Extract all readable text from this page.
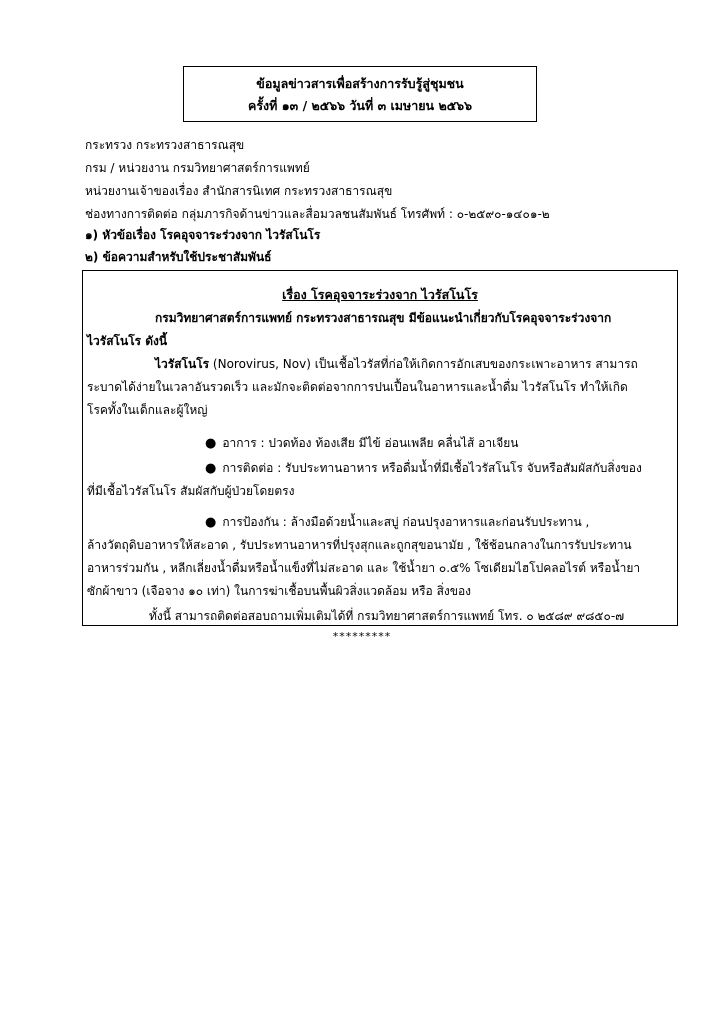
ข้อมูลข่าวสารเพื่อสร้างการรับรู้สู่ชุมชน
ครั้งที่ ๑๓ / ๒๕๖๖ วันที่ ๓ เมษายน ๒๕๖๖
กระทรวง กระทรวงสาธารณสุข
กรม / หน่วยงาน กรมวิทยาศาสตร์การแพทย์
หน่วยงานเจ้าของเรื่อง สำนักสารนิเทศ กระทรวงสาธารณสุข
ช่องทางการติดต่อ กลุ่มภารกิจด้านข่าวและสื่อมวลชนสัมพันธ์ โทรศัพท์ : ๐-๒๕๙๐-๑๔๐๑-๒
๑) หัวข้อเรื่อง โรคอุจจาระร่วงจาก ไวรัสโนโร
๒) ข้อความสำหรับใช้ประชาสัมพันธ์
เรื่อง โรคอุจจาระร่วงจาก ไวรัสโนโร
กรมวิทยาศาสตร์การแพทย์ กระทรวงสาธารณสุข มีข้อแนะนำเกี่ยวกับโรคอุจจาระร่วงจาก
ไวรัสโนโร ดังนี้
ไวรัสโนโร (Norovirus, Nov) เป็นเชื้อไวรัสที่ก่อให้เกิดการอักเสบของกระเพาะอาหาร สามารถ
ระบาดได้ง่ายในเวลาอันรวดเร็ว และมักจะติดต่อจากการปนเปื้อนในอาหารและน้ำดื่ม ไวรัสโนโร ทำให้เกิด
โรคทั้งในเด็กและผู้ใหญ่
● อาการ : ปวดท้อง ท้องเสีย มีไข้ อ่อนเพลีย คลื่นไส้ อาเจียน
● การติดต่อ : รับประทานอาหาร หรือดื่มน้ำที่มีเชื้อไวรัสโนโร จับหรือสัมผัสกับสิ่งของ
ที่มีเชื้อไวรัสโนโร สัมผัสกับผู้ป่วยโดยตรง
● การป้องกัน : ล้างมือด้วยน้ำและสบู่ ก่อนปรุงอาหารและก่อนรับประทาน ,
ล้างวัตถุดิบอาหารให้สะอาด , รับประทานอาหารที่ปรุงสุกและถูกสุขอนามัย , ใช้ช้อนกลางในการรับประทาน
อาหารร่วมกัน , หลีกเลี่ยงน้ำดื่มหรือน้ำแข็งที่ไม่สะอาด และ ใช้น้ำยา ๐.๕% โซเดียมไฮโปคลอไรต์ หรือน้ำยา
ซักผ้าขาว (เจือจาง ๑๐ เท่า) ในการฆ่าเชื้อบนพื้นผิวสิ่งแวดล้อม หรือ สิ่งของ
ทั้งนี้ สามารถติดต่อสอบถามเพิ่มเติมได้ที่ กรมวิทยาศาสตร์การแพทย์ โทร. ๐ ๒๕๘๙ ๙๘๕๐-๗
*********
